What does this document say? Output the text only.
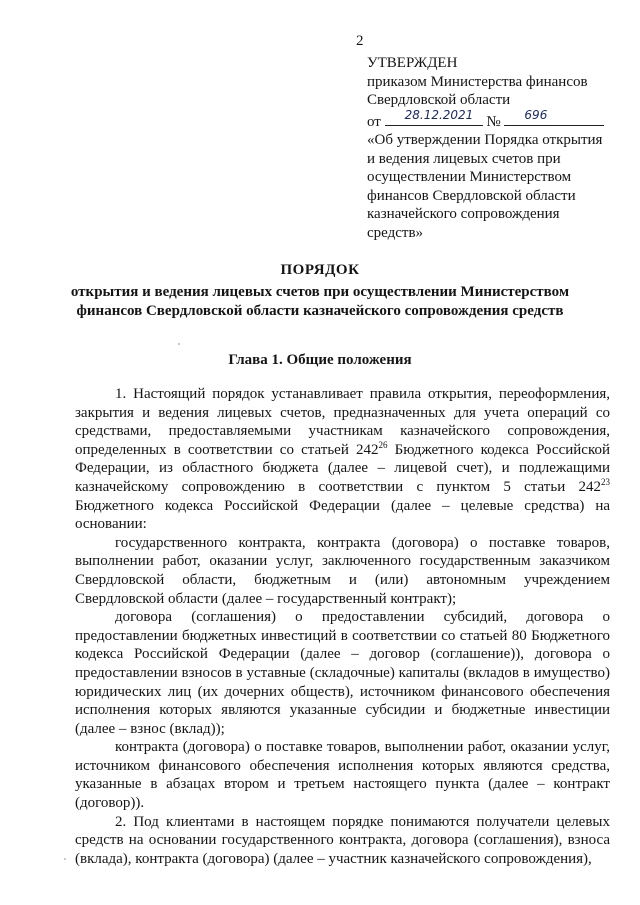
2
УТВЕРЖДЕН
приказом Министерства финансов
Свердловской области
от 28.12.2021 № 696
«Об утверждении Порядка открытия
и ведения лицевых счетов при
осуществлении Министерством
финансов Свердловской области
казначейского сопровождения
средств»
ПОРЯДОК
открытия и ведения лицевых счетов при осуществлении Министерством финансов Свердловской области казначейского сопровождения средств
Глава 1. Общие положения

1. Настоящий порядок устанавливает правила открытия, переоформления, закрытия и ведения лицевых счетов, предназначенных для учета операций со средствами, предоставляемыми участникам казначейского сопровождения, определенных в соответствии со статьей $242^{26}$ Бюджетного кодекса Российской Федерации, из областного бюджета (далее – лицевой счет), и подлежащими казначейскому сопровождению в соответствии с пунктом 5 статьи $242^{23}$ Бюджетного кодекса Российской Федерации (далее – целевые средства) на основании:

государственного контракта, контракта (договора) о поставке товаров, выполнении работ, оказании услуг, заключенного государственным заказчиком Свердловской области, бюджетным и (или) автономным учреждением Свердловской области (далее – государственный контракт);

договора (соглашения) о предоставлении субсидий, договора о предоставлении бюджетных инвестиций в соответствии со статьей 80 Бюджетного кодекса Российской Федерации (далее – договор (соглашение)), договора о предоставлении взносов в уставные (складочные) капиталы (вкладов в имущество) юридических лиц (их дочерних обществ), источником финансового обеспечения исполнения которых являются указанные субсидии и бюджетные инвестиции (далее – взнос (вклад));

контракта (договора) о поставке товаров, выполнении работ, оказании услуг, источником финансового обеспечения исполнения которых являются средства, указанные в абзацах втором и третьем настоящего пункта (далее – контракт (договор)).

2. Под клиентами в настоящем порядке понимаются получатели целевых средств на основании государственного контракта, договора (соглашения), взноса (вклада), контракта (договора) (далее – участник казначейского сопровождения),
